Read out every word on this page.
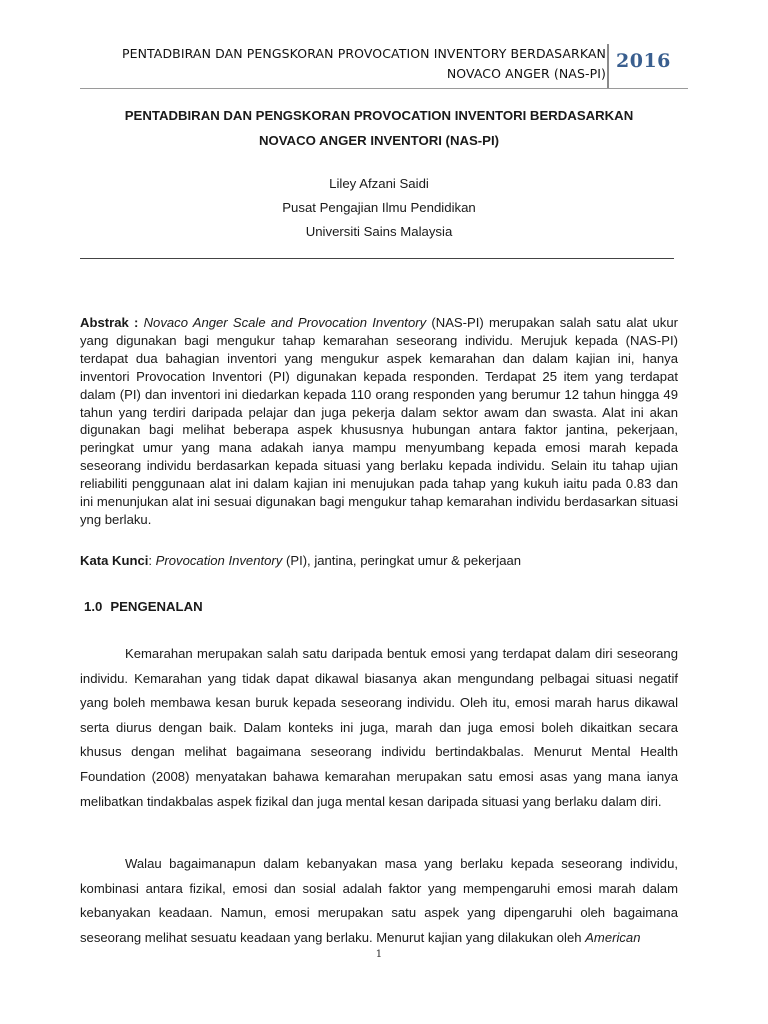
PENTADBIRAN DAN PENGSKORAN PROVOCATION INVENTORY BERDASARKAN
NOVACO ANGER (NAS-PI)
2016
PENTADBIRAN DAN PENGSKORAN PROVOCATION INVENTORI BERDASARKAN
NOVACO ANGER INVENTORI (NAS-PI)
Liley Afzani Saidi
Pusat Pengajian Ilmu Pendidikan
Universiti Sains Malaysia
Abstrak : Novaco Anger Scale and Provocation Inventory (NAS-PI) merupakan salah satu alat ukur yang digunakan bagi mengukur tahap kemarahan seseorang individu. Merujuk kepada (NAS-PI) terdapat dua bahagian inventori yang mengukur aspek kemarahan dan dalam kajian ini, hanya inventori Provocation Inventori (PI) digunakan kepada responden. Terdapat 25 item yang terdapat dalam (PI) dan inventori ini diedarkan kepada 110 orang responden yang berumur 12 tahun hingga 49 tahun yang terdiri daripada pelajar dan juga pekerja dalam sektor awam dan swasta. Alat ini akan digunakan bagi melihat beberapa aspek khususnya hubungan antara faktor jantina, pekerjaan, peringkat umur yang mana adakah ianya mampu menyumbang kepada emosi marah kepada seseorang individu berdasarkan kepada situasi yang berlaku kepada individu. Selain itu tahap ujian reliabiliti penggunaan alat ini dalam kajian ini menujukan pada tahap yang kukuh iaitu pada 0.83 dan ini menunjukan alat ini sesuai digunakan bagi mengukur tahap kemarahan individu berdasarkan situasi yng berlaku.
Kata Kunci: Provocation Inventory (PI), jantina, peringkat umur & pekerjaan
1.0 PENGENALAN

Kemarahan merupakan salah satu daripada bentuk emosi yang terdapat dalam diri seseorang individu. Kemarahan yang tidak dapat dikawal biasanya akan mengundang pelbagai situasi negatif yang boleh membawa kesan buruk kepada seseorang individu. Oleh itu, emosi marah harus dikawal serta diurus dengan baik. Dalam konteks ini juga, marah dan juga emosi boleh dikaitkan secara khusus dengan melihat bagaimana seseorang individu bertindakbalas. Menurut Mental Health Foundation (2008) menyatakan bahawa kemarahan merupakan satu emosi asas yang mana ianya melibatkan tindakbalas aspek fizikal dan juga mental kesan daripada situasi yang berlaku dalam diri.

Walau bagaimanapun dalam kebanyakan masa yang berlaku kepada seseorang individu, kombinasi antara fizikal, emosi dan sosial adalah faktor yang mempengaruhi emosi marah dalam kebanyakan keadaan. Namun, emosi merupakan satu aspek yang dipengaruhi oleh bagaimana seseorang melihat sesuatu keadaan yang berlaku. Menurut kajian yang dilakukan oleh American

1
